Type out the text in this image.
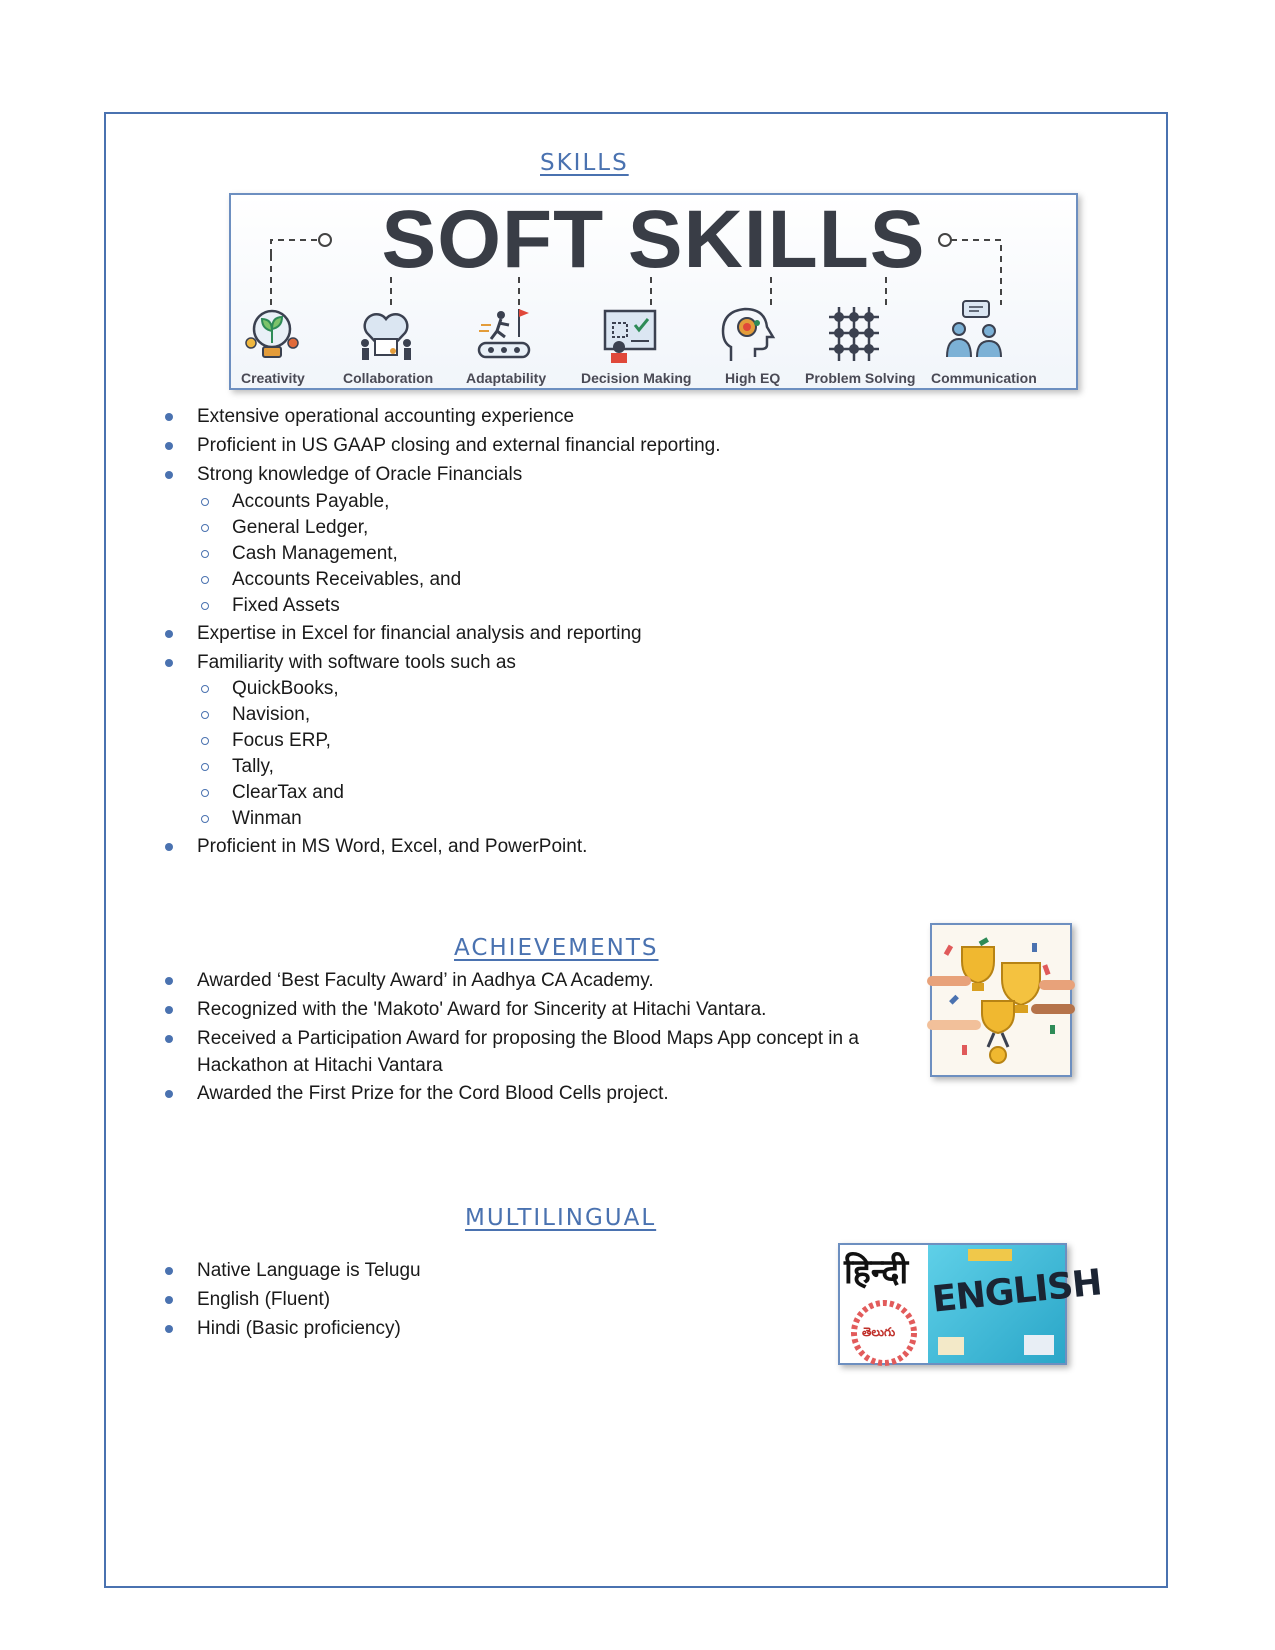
SKILLS
SOFT SKILLS
Creativity	Collaboration Adaptability Decision Making High EQ Problem Solving Communication
Extensive operational accounting experience
Proficient in US GAAP closing and external financial reporting.
Strong knowledge of Oracle Financials
Accounts Payable,
General Ledger,
Cash Management,
Accounts Receivables, and
Fixed Assets
Expertise in Excel for financial analysis and reporting
Familiarity with software tools such as
QuickBooks,
Navision,
Focus ERP,
Tally,
ClearTax and
Winman
Proficient in MS Word, Excel, and PowerPoint.
ACHIEVEMENTS
Awarded ‘Best Faculty Award’ in Aadhya CA Academy.
Recognized with the 'Makoto' Award for Sincerity at Hitachi Vantara.
Received a Participation Award for proposing the Blood Maps App concept in a
Hackathon at Hitachi Vantara
Awarded the First Prize for the Cord Blood Cells project.
MULTILINGUAL
हिन्दी
తెలుగు
ENGLISH
Native Language is Telugu
English (Fluent)
Hindi (Basic proficiency)
